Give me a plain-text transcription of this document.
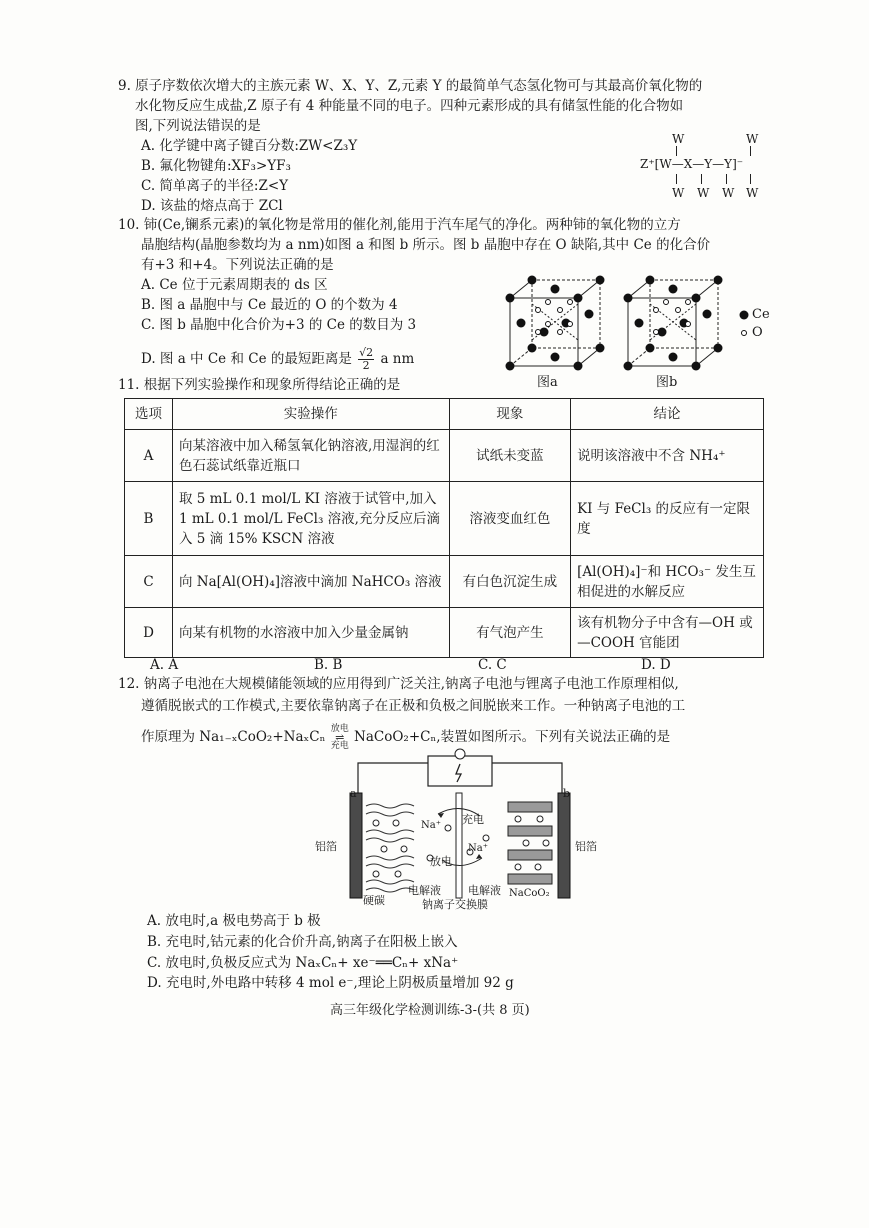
9. 原子序数依次增大的主族元素 W、X、Y、Z,元素 Y 的最简单气态氢化物可与其最高价氧化物的
水化物反应生成盐,Z 原子有 4 种能量不同的电子。四种元素形成的具有储氢性能的化合物如
图,下列说法错误的是
A. 化学键中离子键百分数:ZW<Z₃Y
B. 氟化物键角:XF₃>YF₃
C. 简单离子的半径:Z<Y
D. 该盐的熔点高于 ZCl
W	W
Z⁺[W—X—Y—Y]⁻
W W W W
10. 铈(Ce,镧系元素)的氧化物是常用的催化剂,能用于汽车尾气的净化。两种铈的氧化物的立方
晶胞结构(晶胞参数均为 a nm)如图 a 和图 b 所示。图 b 晶胞中存在 O 缺陷,其中 Ce 的化合价
有+3 和+4。下列说法正确的是
A. Ce 位于元素周期表的 ds 区
B. 图 a 晶胞中与 Ce 最近的 O 的个数为 4
C. 图 b 晶胞中化合价为+3 的 Ce 的数目为 3
D. 图 a 中 Ce 和 Ce 的最短距离是 $\frac{√2}{2}$ a nm
Ce
O
图a	图b
11. 根据下列实验操作和现象所得结论正确的是
选项	实验操作	现象	结论
A	向某溶液中加入稀氢氧化钠溶液,用湿润的红色石蕊试纸靠近瓶口	试纸未变蓝	说明该溶液中不含 NH₄⁺
B	取 5 mL 0.1 mol/L KI 溶液于试管中,加入 1 mL 0.1 mol/L FeCl₃ 溶液,充分反应后滴入 5 滴 15% KSCN 溶液	溶液变血红色	KI 与 FeCl₃ 的反应有一定限度
C	向 Na[Al(OH)₄]溶液中滴加 NaHCO₃ 溶液	有白色沉淀生成	[Al(OH)₄]⁻和 HCO₃⁻ 发生互相促进的水解反应
D	向某有机物的水溶液中加入少量金属钠	有气泡产生	该有机物分子中含有—OH 或—COOH 官能团
A. A	B. B	C. C	D. D
12. 钠离子电池在大规模储能领域的应用得到广泛关注,钠离子电池与锂离子电池工作原理相似,
遵循脱嵌式的工作模式,主要依靠钠离子在正极和负极之间脱嵌来工作。一种钠离子电池的工
作原理为 Na₁₋ₓCoO₂+NaₓCₙ 放电
⇌
充电
NaCoO₂+Cₙ,装置如图所示。下列有关说法正确的是
a	b
铝箔	铝箔
充电
放电
Na⁺
Na⁺
电解液 电解液
钠离子交换膜
硬碳
NaCoO₂
A. 放电时,a 极电势高于 b 极
B. 充电时,钴元素的化合价升高,钠离子在阳极上嵌入
C. 放电时,负极反应式为 NaₓCₙ+ xe⁻══Cₙ+ xNa⁺
D. 充电时,外电路中转移 4 mol e⁻,理论上阴极质量增加 92 g
高三年级化学检测训练-3-(共 8 页)
